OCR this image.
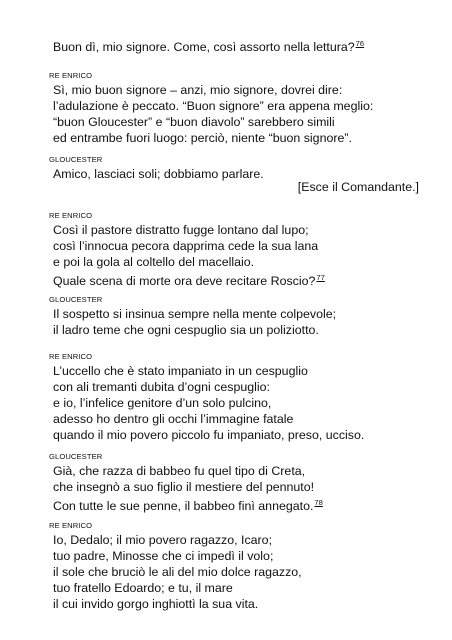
Buon dì, mio signore. Come, così assorto nella lettura?$^{76}$
RE ENRICO
Sì, mio buon signore – anzi, mio signore, dovrei dire:
l’adulazione è peccato. “Buon signore” era appena meglio:
“buon Gloucester” e “buon diavolo” sarebbero simili
ed entrambe fuori luogo: perciò, niente “buon signore”.
GLOUCESTER
Amico, lasciaci soli; dobbiamo parlare.
[Esce il Comandante.]
RE ENRICO
Così il pastore distratto fugge lontano dal lupo;
così l’innocua pecora dapprima cede la sua lana
e poi la gola al coltello del macellaio.
Quale scena di morte ora deve recitare Roscio?$^{77}$
GLOUCESTER
Il sospetto si insinua sempre nella mente colpevole;
il ladro teme che ogni cespuglio sia un poliziotto.
RE ENRICO
L’uccello che è stato impaniato in un cespuglio
con ali tremanti dubita d’ogni cespuglio:
e io, l’infelice genitore d’un solo pulcino,
adesso ho dentro gli occhi l’immagine fatale
quando il mio povero piccolo fu impaniato, preso, ucciso.
GLOUCESTER
Già, che razza di babbeo fu quel tipo di Creta,
che insegnò a suo figlio il mestiere del pennuto!
Con tutte le sue penne, il babbeo finì annegato.$^{78}$
RE ENRICO
Io, Dedalo; il mio povero ragazzo, Icaro;
tuo padre, Minosse che ci impedì il volo;
il sole che bruciò le ali del mio dolce ragazzo,
tuo fratello Edoardo; e tu, il mare
il cui invido gorgo inghiottì la sua vita.
